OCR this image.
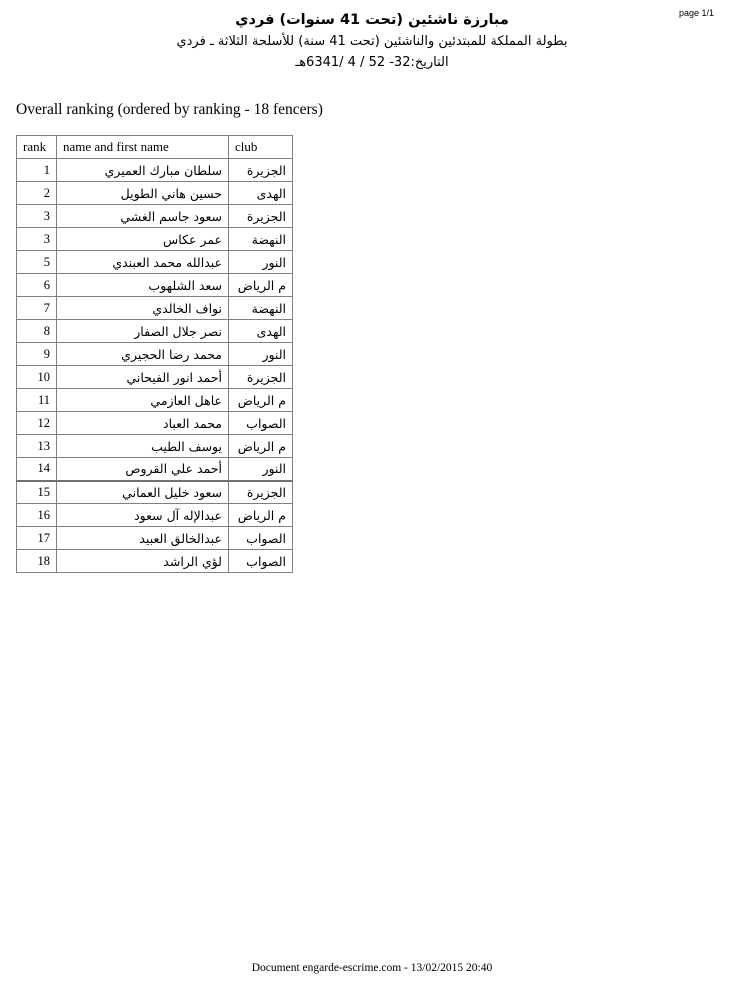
page 1/1
مبارزة ناشئين (تحت 14 سنوات) فردي
بطولة المملكة للمبتدئين والناشئين (تحت 14 سنة) للأسلحة الثلاثة ـ فردي
التاريخ:23- 25 / 4 /1436هـ
Overall ranking (ordered by ranking - 18 fencers)
rank	name and first name	club
1	سلطان مبارك العميري	الجزيرة
2	حسين هاني الطويل	الهدى
3	سعود جاسم الغشي	الجزيرة
3	عمر عكاس	النهضة
5	عبدالله محمد العبندي	النور
6	سعد الشلهوب	م الرياض
7	نواف الخالدي	النهضة
8	نصر جلال الصفار	الهدى
9	محمد رضا الحجيري	النور
10	أحمد انور الفيحاني	الجزيرة
11	عاهل العازمي	م الرياض
12	محمد العباد	الصواب
13	يوسف الطيب	م الرياض
14	أحمد علي القروص	النور
15	سعود خليل العماني	الجزيرة
16	عبدالإله آل سعود	م الرياض
17	عبدالخالق العبيد	الصواب
18	لؤي الراشد	الصواب
Document engarde-escrime.com - 13/02/2015 20:40
